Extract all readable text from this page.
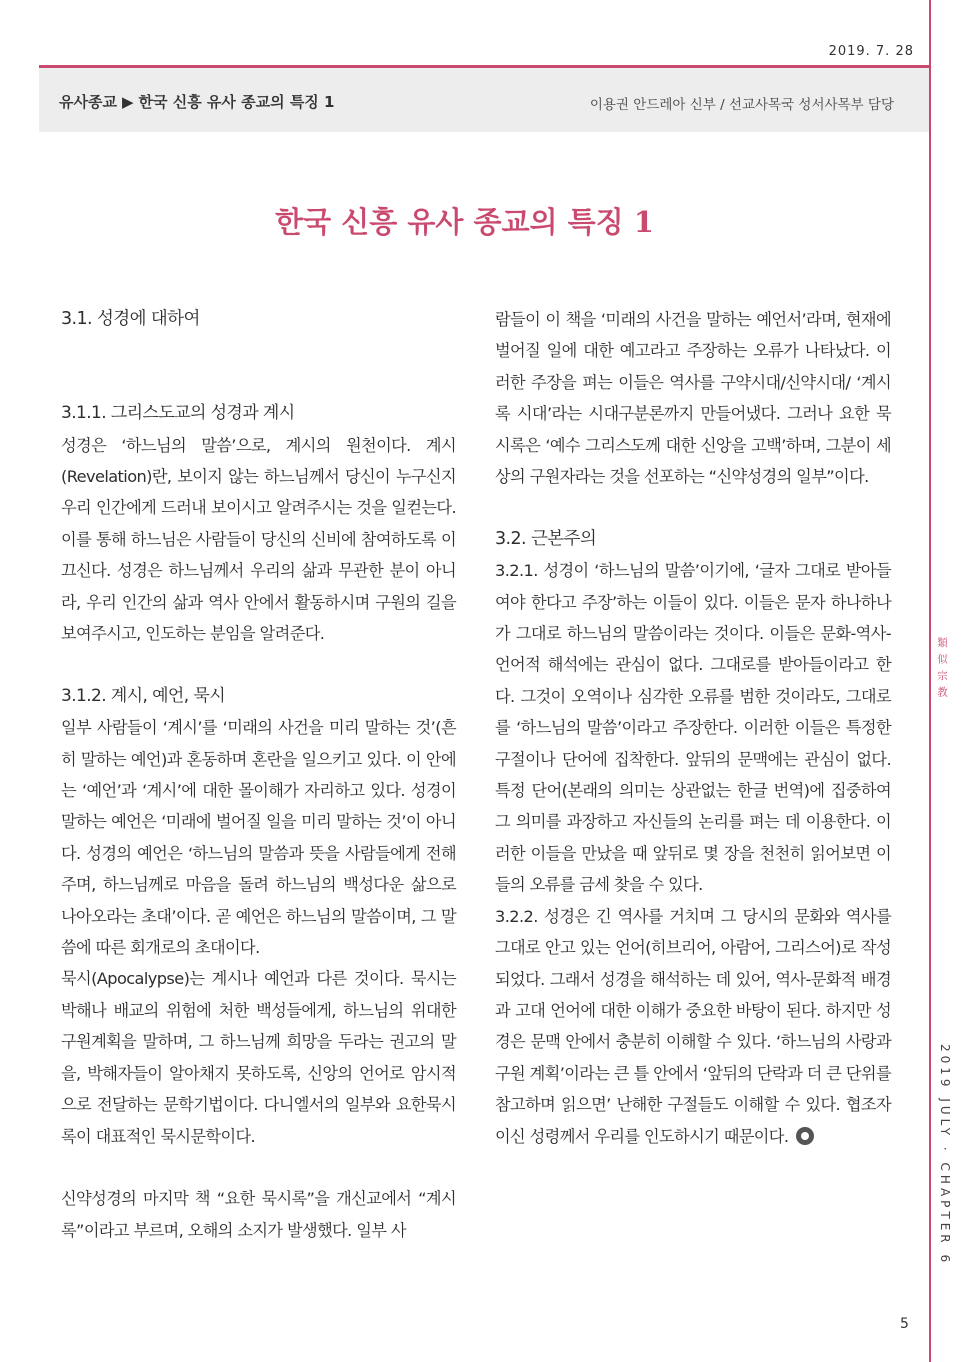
2019. 7. 28
유사종교 ▶ 한국 신흥 유사 종교의 특징 1	이용권 안드레아 신부 / 선교사목국 성서사목부 담당
類似宗教
2019 JULY · CHAPTER 6
한국 신흥 유사 종교의 특징 1

3.1. 성경에 대하여

3.1.1. 그리스도교의 성경과 계시

성경은 ‘하느님의 말씀’으로, 계시의 원천이다. 계시(Revelation)란, 보이지 않는 하느님께서 당신이 누구신지 우리 인간에게 드러내 보이시고 알려주시는 것을 일컫는다. 이를 통해 하느님은 사람들이 당신의 신비에 참여하도록 이끄신다. 성경은 하느님께서 우리의 삶과 무관한 분이 아니라, 우리 인간의 삶과 역사 안에서 활동하시며 구원의 길을 보여주시고, 인도하는 분임을 알려준다.

3.1.2. 계시, 예언, 묵시

일부 사람들이 ‘계시’를 ‘미래의 사건을 미리 말하는 것’(흔히 말하는 예언)과 혼동하며 혼란을 일으키고 있다. 이 안에는 ‘예언’과 ‘계시’에 대한 몰이해가 자리하고 있다. 성경이 말하는 예언은 ‘미래에 벌어질 일을 미리 말하는 것’이 아니다. 성경의 예언은 ‘하느님의 말씀과 뜻을 사람들에게 전해주며, 하느님께로 마음을 돌려 하느님의 백성다운 삶으로 나아오라는 초대’이다. 곧 예언은 하느님의 말씀이며, 그 말씀에 따른 회개로의 초대이다.

묵시(Apocalypse)는 계시나 예언과 다른 것이다. 묵시는 박해나 배교의 위험에 처한 백성들에게, 하느님의 위대한 구원계획을 말하며, 그 하느님께 희망을 두라는 권고의 말을, 박해자들이 알아채지 못하도록, 신앙의 언어로 암시적으로 전달하는 문학기법이다. 다니엘서의 일부와 요한묵시록이 대표적인 묵시문학이다.

신약성경의 마지막 책 “요한 묵시록”을 개신교에서 “계시록”이라고 부르며, 오해의 소지가 발생했다. 일부 사

람들이 이 책을 ‘미래의 사건을 말하는 예언서’라며, 현재에 벌어질 일에 대한 예고라고 주장하는 오류가 나타났다. 이러한 주장을 펴는 이들은 역사를 구약시대/신약시대/ ‘계시록 시대’라는 시대구분론까지 만들어냈다. 그러나 요한 묵시록은 ‘예수 그리스도께 대한 신앙을 고백’하며, 그분이 세상의 구원자라는 것을 선포하는 “신약성경의 일부”이다.

3.2. 근본주의

3.2.1. 성경이 ‘하느님의 말씀’이기에, ‘글자 그대로 받아들여야 한다고 주장’하는 이들이 있다. 이들은 문자 하나하나가 그대로 하느님의 말씀이라는 것이다. 이들은 문화-역사-언어적 해석에는 관심이 없다. 그대로를 받아들이라고 한다. 그것이 오역이나 심각한 오류를 범한 것이라도, 그대로를 ‘하느님의 말씀’이라고 주장한다. 이러한 이들은 특정한 구절이나 단어에 집착한다. 앞뒤의 문맥에는 관심이 없다. 특정 단어(본래의 의미는 상관없는 한글 번역)에 집중하여 그 의미를 과장하고 자신들의 논리를 펴는 데 이용한다. 이러한 이들을 만났을 때 앞뒤로 몇 장을 천천히 읽어보면 이들의 오류를 금세 찾을 수 있다.

3.2.2. 성경은 긴 역사를 거치며 그 당시의 문화와 역사를 그대로 안고 있는 언어(히브리어, 아람어, 그리스어)로 작성되었다. 그래서 성경을 해석하는 데 있어, 역사-문화적 배경과 고대 언어에 대한 이해가 중요한 바탕이 된다. 하지만 성경은 문맥 안에서 충분히 이해할 수 있다. ‘하느님의 사랑과 구원 계획’이라는 큰 틀 안에서 ‘앞뒤의 단락과 더 큰 단위를 참고하며 읽으면’ 난해한 구절들도 이해할 수 있다. 협조자이신 성령께서 우리를 인도하시기 때문이다.

5
